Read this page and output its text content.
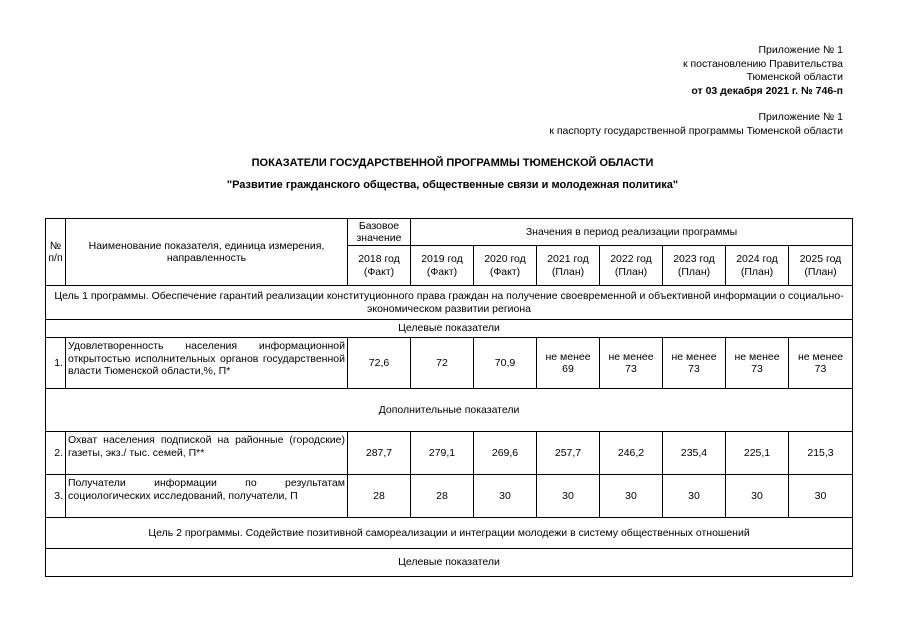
Приложение № 1
к постановлению Правительства
Тюменской области
от 03 декабря 2021 г. № 746-п
Приложение № 1
к паспорту государственной программы Тюменской области
ПОКАЗАТЕЛИ ГОСУДАРСТВЕННОЙ ПРОГРАММЫ ТЮМЕНСКОЙ ОБЛАСТИ
"Развитие гражданского общества, общественные связи и молодежная политика"
№ п/п	Наименование показателя, единица измерения, направленность	Базовое значение	Значения в период реализации программы						
		2018 год (Факт)	2019 год (Факт)	2020 год (Факт)	2021 год (План)	2022 год (План)	2023 год (План)	2024 год (План)	2025 год (План)
Цель 1 программы. Обеспечение гарантий реализации конституционного права граждан на получение своевременной и объективной информации о социально-экономическом развитии региона									
Целевые показатели									
1.	Удовлетворенность населения информационной открытостью исполнительных органов государственной власти Тюменской области,%, П*	72,6	72	70,9	не менее 69	не менее 73	не менее 73	не менее 73	не менее 73
Дополнительные показатели									
2.	Охват населения подпиской на районные (городские) газеты, экз./ тыс. семей, П**	287,7	279,1	269,6	257,7	246,2	235,4	225,1	215,3
3.	Получатели информации по результатам социологических исследований, получатели, П	28	28	30	30	30	30	30	30
Цель 2 программы. Содействие позитивной самореализации и интеграции молодежи в систему общественных отношений									
Целевые показатели									
